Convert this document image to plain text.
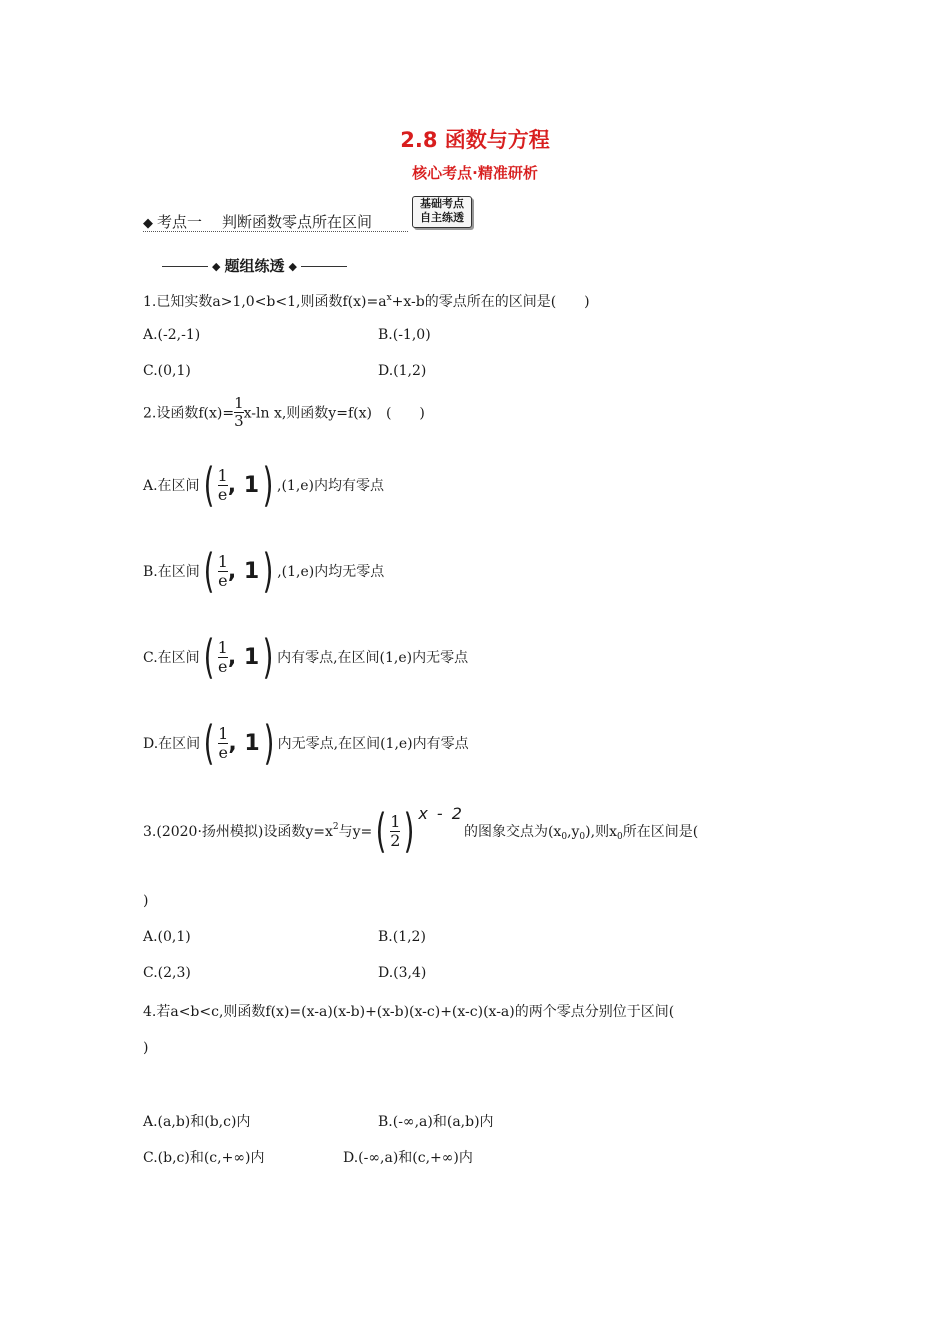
2.8 函数与方程
核心考点·精准研析
◆ 考点一 判断函数零点所在区间
基础考点
自主练透
◆ 题组练透 ◆
1.已知实数a>1,0<b<1,则函数$f(x)=a^x+x-b$的零点所在的区间是(　　)
A.(-2,-1)	B.(-1,0)
C.(0,1)	D.(1,2)
2.设函数$f(x)= \frac{1}{3} x-\ln$ x,则函数y=f(x)　(　　)
A.在区间( $\frac{1}{e}$ , 1) ,(1,e)内均有零点
B.在区间( $\frac{1}{e}$ , 1) ,(1,e)内均无零点
C.在区间( $\frac{1}{e}$ , 1) 内有零点,在区间(1,e)内无零点
D.在区间( $\frac{1}{e}$ , 1) 内无零点,在区间(1,e)内有零点
3.(2020·扬州模拟)设函数$y=x^2$与$y=( \frac{1}{2}$ ) x - 2的图象交点为$(x_0,y_0)$,则$x_0$所在区间是(
)
A.(0,1)	B.(1,2)
C.(2,3)	D.(3,4)
4.若a<b<c,则函数f(x)=(x-a)(x-b)+(x-b)(x-c)+(x-c)(x-a)的两个零点分别位于区间(
)
A.(a,b)和(b,c)内	B.(-∞,a)和(a,b)内
C.(b,c)和(c,+∞)内	D.(-∞,a)和(c,+∞)内
